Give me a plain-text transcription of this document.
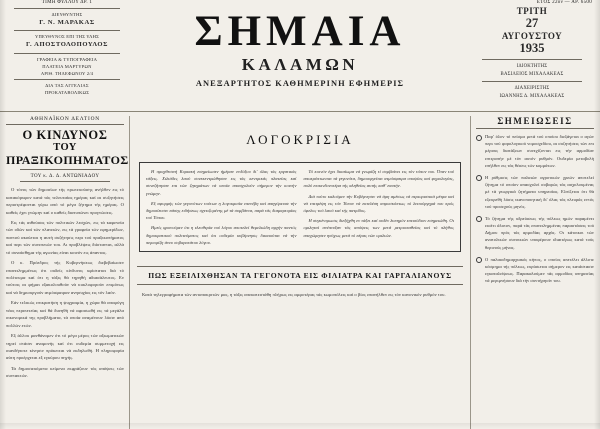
ΤΙΜΗ ΦΥΛΛΟΥ ΔΡ. 1	ΕΤΟΣ 22ον — ΑΡ. 6500
ΔΙΕΥΘΥΝΤΗΣ
Γ. Ν. ΜΑΡΑΚΑΣ
ΥΠΕΥΘΥΝΟΣ ΕΠΙ ΤΗΣ ΥΛΗΣ
Γ. ΑΠΟΣΤΟΛΟΠΟΥΛΟΣ
ΓΡΑΦΕΙΑ & ΤΥΠΟΓΡΑΦΕΙΑ
ΠΛΑΤΕΙΑ ΜΑΡΤΥΡΩΝ
ΑΡΙΘ. ΤΗΛΕΦΩΝΟΥ 2/4
ΔΙΑ ΤΑΣ ΑΓΓΕΛΙΑΣ
ΠΡΟΚΑΤΑΒΟΛΙΚΩΣ
ΣΗΜΑΙΑ
ΚΑΛΑΜΩΝ
ΑΝΕΞΑΡΤΗΤΟΣ ΚΑΘΗΜΕΡΙΝΗ ΕΦΗΜΕΡΙΣ
ΤΡΙΤΗ
27
ΑΥΓΟΥΣΤΟΥ
1935
ΙΔΙΟΚΤΗΤΗΣ
ΒΑΣΙΛΕΙΟΣ ΜΙΧΑΛΑΚΕΑΣ
ΔΙΑΧΕΙΡΙΣΤΗΣ
ΙΩΑΝΝΗΣ Δ. ΜΙΧΑΛΑΚΕΑΣ
ΑΘΗΝΑΪΚΟΝ ΔΕΛΤΙΟΝ
Ο ΚΙΝΔΥΝΟΣ
ΤΟΥ
ΠΡΑΞΙΚΟΠΗΜΑΤΟΣ
ΤΟΥ κ. Δ. Δ. ΑΝΤΩΝΙΑΔΟΥ

Ο τόνος τών δημοσίων τής πρωτευούσης ανήλθεν εις τό κατακόρυφον κατά τάς τελευταίας ημέρας καί αι συζητήσεις περιστρέφονται γύρω από τό μέγα ζήτημα τής ημέρας. Ο καθείς έχει γνώμην καί ο καθείς διατυπώνει προγνώσεις.

Εις τάς αιθούσας τών πολιτικών λεσχών, εις τά καφενεία τών οδών καί τών πλατειών, εις τά γραφεία τών εφημερίδων, παντού ακούεται η αυτή συζήτησις περι τού πραξικοπήματος καί περι τών συνεπειών του. Αι προβλέψεις διίστανται, αλλά τό συναίσθημα τής αγωνίας είναι κοινόν εις άπαντας.

Ο κ. Πρόεδρος τής Κυβερνήσεως διεβεβαίωσεν επανειλημμένως ότι ουδείς κίνδυνος υφίσταται διά τό πολίτευμα καί ότι η τάξις θά τηρηθή αδιασάλευτος. Εν τούτοις αι φήμαι εξακολουθούν νά κυκλοφορούν επιμόνως καί νά δημιουργούν ατμόσφαιραν ανησυχίας εις τόν λαόν.

Εάν τελικώς επικρατήση η ψυχραιμία, η χώρα θά αποφύγη νέας περιπετείας καί θά δυνηθή νά αφοσιωθή εις τά μεγάλα οικονομικά της προβλήματα, τά οποία αναμένουν λύσιν από πολλών ετών.

Εξ άλλου μανθάνομεν ότι τό μέγα μέρος τών αξιωματικών τηρεί στάσιν αναμονής καί ότι ουδεμία συμμετοχή εις οιανδήποτε κίνησιν πρόκειται νά εκδηλωθή. Η πληροφορία αύτη προέρχεται εξ εγκύρου πηγής.

Τά δημοσιευόμενα κείμενα εκφράζουν τάς απόψεις τών συντακτών.

ΛΟΓΟΚΡΙΣΙΑ

Η προχθεσινή Κυριακή εσημείωσεν ήμέραν ενδόξου δι' όλας τάς εργατικάς τάξεις. Χιλιάδες λαού συνεκεντρώθησαν εις τάς κεντρικάς πλατείας καί συνεζήτησαν επι τών ζητημάτων τά οποία απασχολούν σήμερον τήν κοινήν γνώμην.

Εξ αφορμής τών γεγονότων τούτων η λογοκρισία επενέβη καί απηγόρευσε τήν δημοσίευσιν πάσης ειδήσεως σχετιζομένης μέ τά συμβάντα, παρά τάς διαμαρτυρίας τού Τύπου.

Ημείς φρονούμεν ότι η ελευθερία τού λόγου αποτελεί θεμελιώδη αρχήν παντός δημοκρατικού πολιτεύματος καί ότι ουδεμία κυβέρνησις δικαιούται νά τήν περιορίζη άνευ σοβαροτάτου λόγου.

Τό κοινόν έχει δικαίωμα νά γνωρίζη τί συμβαίνει εις τόν τόπον του. Όταν τού αποκρύπτωνται τά γεγονότα, δημιουργείται ατμόσφαιρα υποψίας καί φημολογίας, πολύ επικινδυνοτέρα τής αληθείας αυτής καθ' εαυτήν.

Διά τούτο καλούμεν τήν Κυβέρνησιν νά άρη αμέσως τά περιοριστικά μέτρα καί νά επιτρέψη εις τόν Τύπον νά εκτελέση απροσκόπτως τό λειτούργημά του πρός όφελος τού λαού καί τής πατρίδος.

Η συγκέντρωσις διεξήχθη εν τάξει καί ουδέν λυπηρόν επεισόδιον εσημειώθη. Οι ομιληταί ανέπτυξαν τάς απόψεις των μετά μετριοπαθείας καί τό πλήθος απεχώρησεν ησύχως μετά τό πέρας τών ομιλιών.

ΠΩΣ ΕΞΕΙΛΙΧΘΗΣΑΝ ΤΑ ΓΕΓΟΝΟΤΑ ΕΙΣ ΦΙΛΙΑΤΡΑ ΚΑΙ ΓΑΡΓΑΛΙΑΝΟΥΣ

Κατά τηλεγραφήματα τών ανταποκριτών μας, η τάξις απεκατεστάθη πλήρως εις αμφοτέρας τάς κωμοπόλεις καί ο βίος επανήλθεν εις τόν κανονικόν ρυθμόν του.

ΣΗΜΕΙΩΣΕΙΣ
Παρ' όλον τό πείσμα μετά τού οποίου διεξάγεται ο αγών περι τού φορολογικού νομοσχεδίου, αι συζητήσεις τών επι μέρους διατάξεων συνεχίζονται εις τήν αρμοδίαν επιτροπήν μέ τόν αυτόν ρυθμόν. Ουδεμία μεταβολή επήλθεν εις τάς θέσεις τών κομμάτων.
Η ρύθμισις τών παλαιών αγροτικών χρεών αποτελεί ζήτημα τό οποίον απασχολεί σοβαρώς τάς ασχολουμένας μέ τά γεωργικά ζητήματα υπηρεσίας. Ελπίζεται ότι θά εξευρεθή λύσις ικανοποιητική δι' όλας τάς πλευράς εντός τού προσεχούς μηνός.
Τό ζήτημα τής υδρεύσεως τής πόλεως ημών παραμένει εισέτι άλυτον, παρά τάς επανειλημμένας παραστάσεις τού Δήμου πρός τάς αρμοδίας αρχάς. Οι κάτοικοι τών ανατολικών συνοικιών υποφέρουν ιδιαιτέρως κατά τούς θερινούς μήνας.
Ο παλαιοδημαρχιακός κήπος, ο οποίος απετέλει άλλοτε κόσμημα τής πόλεως, ευρίσκεται σήμερον εις κατάστασιν εγκαταλείψεως. Παρακαλούμεν τάς αρμοδίας υπηρεσίας νά μεριμνήσουν διά τήν συντήρησίν του.
